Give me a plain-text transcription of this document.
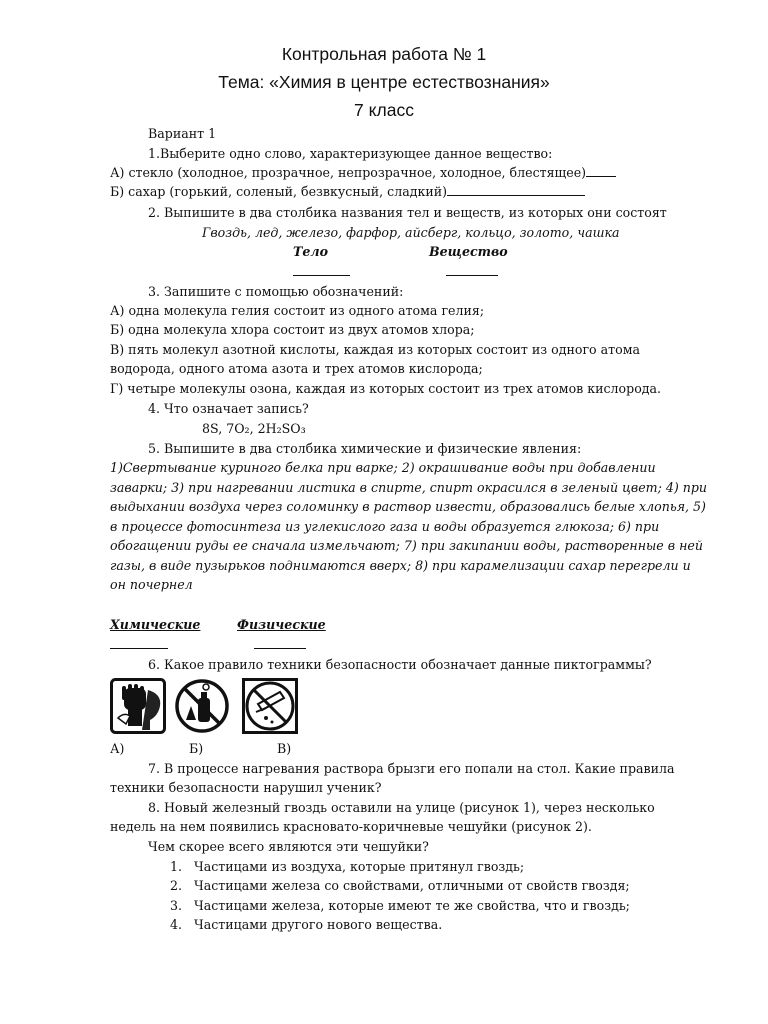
Контрольная работа № 1
Тема: «Химия в центре естествознания»
7 класс
Вариант 1
1.Выберите одно слово, характеризующее данное вещество:
А) стекло (холодное, прозрачное, непрозрачное, холодное, блестящее)
Б) сахар (горький, соленый, безвкусный, сладкий)
2. Выпишите в два столбика названия тел и веществ, из которых они состоят
Гвоздь, лед, железо, фарфор, айсберг, кольцо, золото, чашка
Тело	Вещество
3. Запишите с помощью обозначений:
А) одна молекула гелия состоит из одного атома гелия;
Б) одна молекула хлора состоит из двух атомов хлора;
В) пять молекул азотной кислоты, каждая из которых состоит из одного атома
водорода, одного атома азота и трех атомов кислорода;
Г) четыре молекулы озона, каждая из которых состоит из трех атомов кислорода.
4. Что означает запись?
8S, 7O₂, 2H₂SO₃
5. Выпишите в два столбика химические и физические явления:
1)Свертывание куриного белка при варке; 2) окрашивание воды при добавлении
заварки; 3) при нагревании листика в спирте, спирт окрасился в зеленый цвет; 4) при
выдыхании воздуха через соломинку в раствор извести, образовались белые хлопья, 5)
в процессе фотосинтеза из углекислого газа и воды образуется глюкоза; 6) при
обогащении руды ее сначала измельчают; 7) при закипании воды, растворенные в ней
газы, в виде пузырьков поднимаются вверх; 8) при карамелизации сахар перегрели и
он почернел
Химические	Физические
6. Какое правило техники безопасности обозначает данные пиктограммы?
А)	Б)	В)
7. В процессе нагревания раствора брызги его попали на стол. Какие правила
техники безопасности нарушил ученик?
8. Новый железный гвоздь оставили на улице (рисунок 1), через несколько
недель на нем появились красновато-коричневые чешуйки (рисунок 2).
Чем скорее всего являются эти чешуйки?
1. Частицами из воздуха, которые притянул гвоздь;
2. Частицами железа со свойствами, отличными от свойств гвоздя;
3. Частицами железа, которые имеют те же свойства, что и гвоздь;
4. Частицами другого нового вещества.
